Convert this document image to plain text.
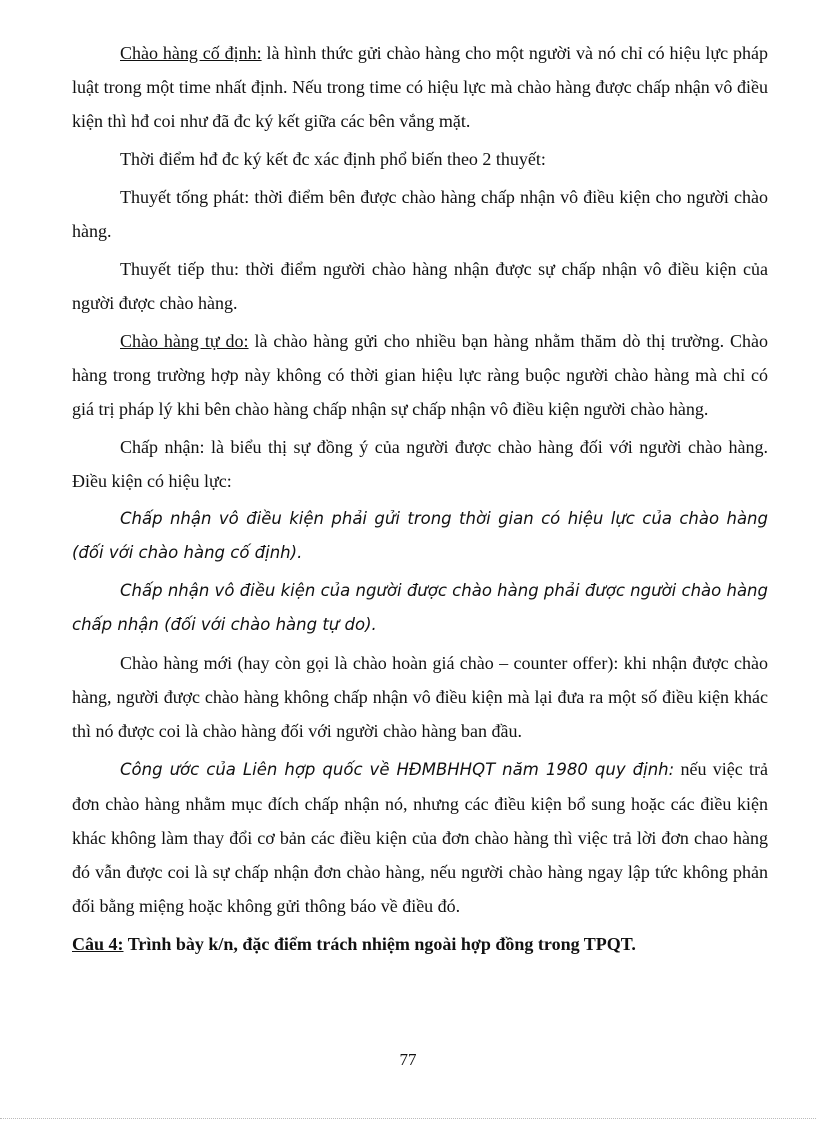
Chào hàng cố định: là hình thức gửi chào hàng cho một người và nó chỉ có hiệu lực pháp luật trong một time nhất định. Nếu trong time có hiệu lực mà chào hàng được chấp nhận vô điều kiện thì hđ coi như đã đc ký kết giữa các bên vắng mặt.

Thời điểm hđ đc ký kết đc xác định phổ biến theo 2 thuyết:

Thuyết tống phát: thời điểm bên được chào hàng chấp nhận vô điều kiện cho người chào hàng.

Thuyết tiếp thu: thời điểm người chào hàng nhận được sự chấp nhận vô điều kiện của người được chào hàng.

Chào hàng tự do: là chào hàng gửi cho nhiều bạn hàng nhằm thăm dò thị trường. Chào hàng trong trường hợp này không có thời gian hiệu lực ràng buộc người chào hàng mà chỉ có giá trị pháp lý khi bên chào hàng chấp nhận sự chấp nhận vô điều kiện người chào hàng.

Chấp nhận: là biểu thị sự đồng ý của người được chào hàng đối với người chào hàng. Điều kiện có hiệu lực:

Chấp nhận vô điều kiện phải gửi trong thời gian có hiệu lực của chào hàng (đối với chào hàng cố định).

Chấp nhận vô điều kiện của người được chào hàng phải được người chào hàng chấp nhận (đối với chào hàng tự do).

Chào hàng mới (hay còn gọi là chào hoàn giá chào – counter offer): khi nhận được chào hàng, người được chào hàng không chấp nhận vô điều kiện mà lại đưa ra một số điều kiện khác thì nó được coi là chào hàng đối với người chào hàng ban đầu.

Công ước của Liên hợp quốc về HĐMBHHQT năm 1980 quy định: nếu việc trả đơn chào hàng nhằm mục đích chấp nhận nó, nhưng các điều kiện bổ sung hoặc các điều kiện khác không làm thay đổi cơ bản các điều kiện của đơn chào hàng thì việc trả lời đơn chao hàng đó vẫn được coi là sự chấp nhận đơn chào hàng, nếu người chào hàng ngay lập tức không phản đối bằng miệng hoặc không gửi thông báo về điều đó.

Câu 4: Trình bày k/n, đặc điểm trách nhiệm ngoài hợp đồng trong TPQT.

77
